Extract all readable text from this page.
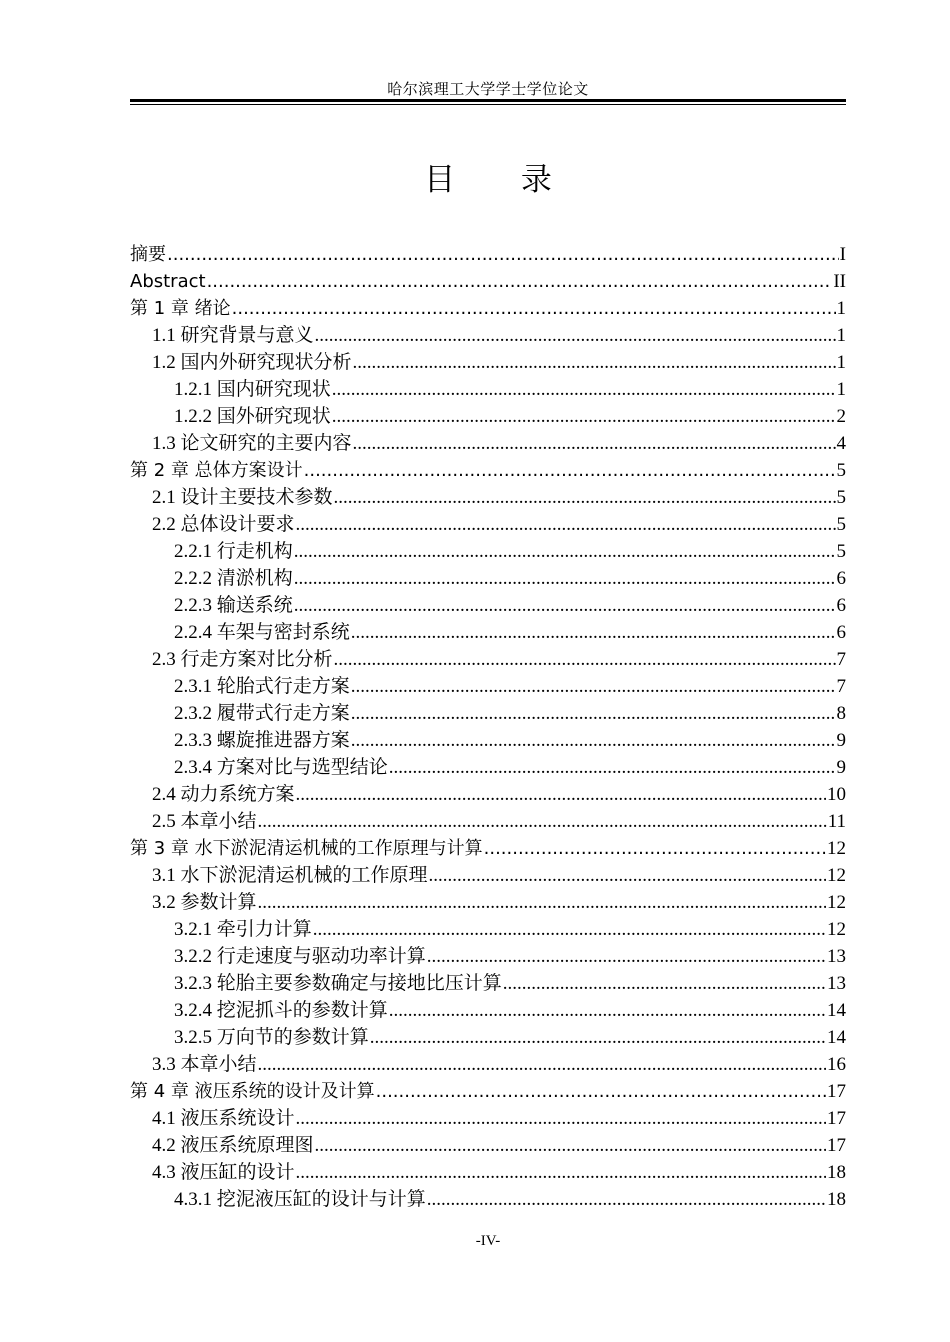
哈尔滨理工大学学士学位论文
目 录
摘要 .....	I
Abstract .....	II
第 1 章 绪论 .....	1
1.1 研究背景与意义 .....	1
1.2 国内外研究现状分析 .....	1
1.2.1 国内研究现状 .....	1
1.2.2 国外研究现状 .....	2
1.3 论文研究的主要内容 .....	4
第 2 章 总体方案设计 .....	5
2.1 设计主要技术参数 .....	5
2.2 总体设计要求 .....	5
2.2.1 行走机构 .....	5
2.2.2 清淤机构 .....	6
2.2.3 输送系统 .....	6
2.2.4 车架与密封系统 .....	6
2.3 行走方案对比分析 .....	7
2.3.1 轮胎式行走方案 .....	7
2.3.2 履带式行走方案 .....	8
2.3.3 螺旋推进器方案 .....	9
2.3.4 方案对比与选型结论 .....	9
2.4 动力系统方案 .....	10
2.5 本章小结 .....	11
第 3 章 水下淤泥清运机械的工作原理与计算 .....	12
3.1 水下淤泥清运机械的工作原理 .....	12
3.2 参数计算 .....	12
3.2.1 牵引力计算 .....	12
3.2.2 行走速度与驱动功率计算 .....	13
3.2.3 轮胎主要参数确定与接地比压计算 .....	13
3.2.4 挖泥抓斗的参数计算 .....	14
3.2.5 万向节的参数计算 .....	14
3.3 本章小结 .....	16
第 4 章 液压系统的设计及计算 .....	17
4.1 液压系统设计 .....	17
4.2 液压系统原理图 .....	17
4.3 液压缸的设计 .....	18
4.3.1 挖泥液压缸的设计与计算 .....	18
-IV-
